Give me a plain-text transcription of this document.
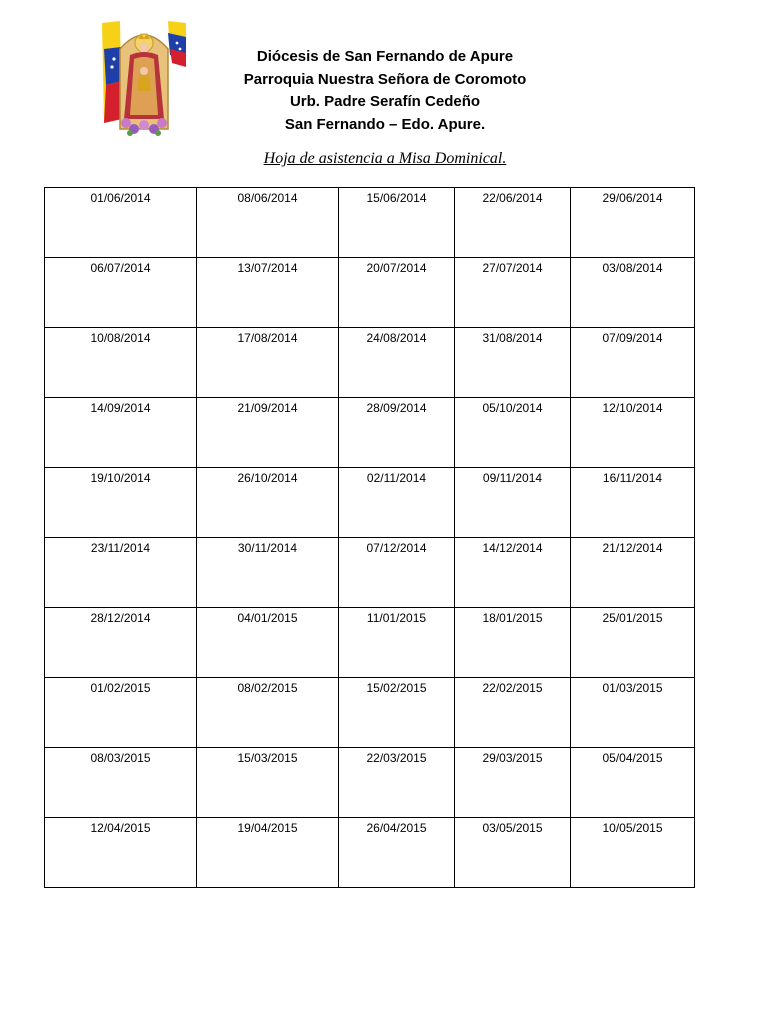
Diócesis de San Fernando de Apure
Parroquia Nuestra Señora de Coromoto
Urb. Padre Serafín Cedeño
San Fernando – Edo. Apure.
Hoja de asistencia a Misa Dominical.
01/06/2014	08/06/2014	15/06/2014	22/06/2014	29/06/2014

06/07/2014	13/07/2014	20/07/2014	27/07/2014	03/08/2014

10/08/2014	17/08/2014	24/08/2014	31/08/2014	07/09/2014

14/09/2014	21/09/2014	28/09/2014	05/10/2014	12/10/2014

19/10/2014	26/10/2014	02/11/2014	09/11/2014	16/11/2014

23/11/2014	30/11/2014	07/12/2014	14/12/2014	21/12/2014

28/12/2014	04/01/2015	11/01/2015	18/01/2015	25/01/2015

01/02/2015	08/02/2015	15/02/2015	22/02/2015	01/03/2015

08/03/2015	15/03/2015	22/03/2015	29/03/2015	05/04/2015

12/04/2015	19/04/2015	26/04/2015	03/05/2015	10/05/2015
